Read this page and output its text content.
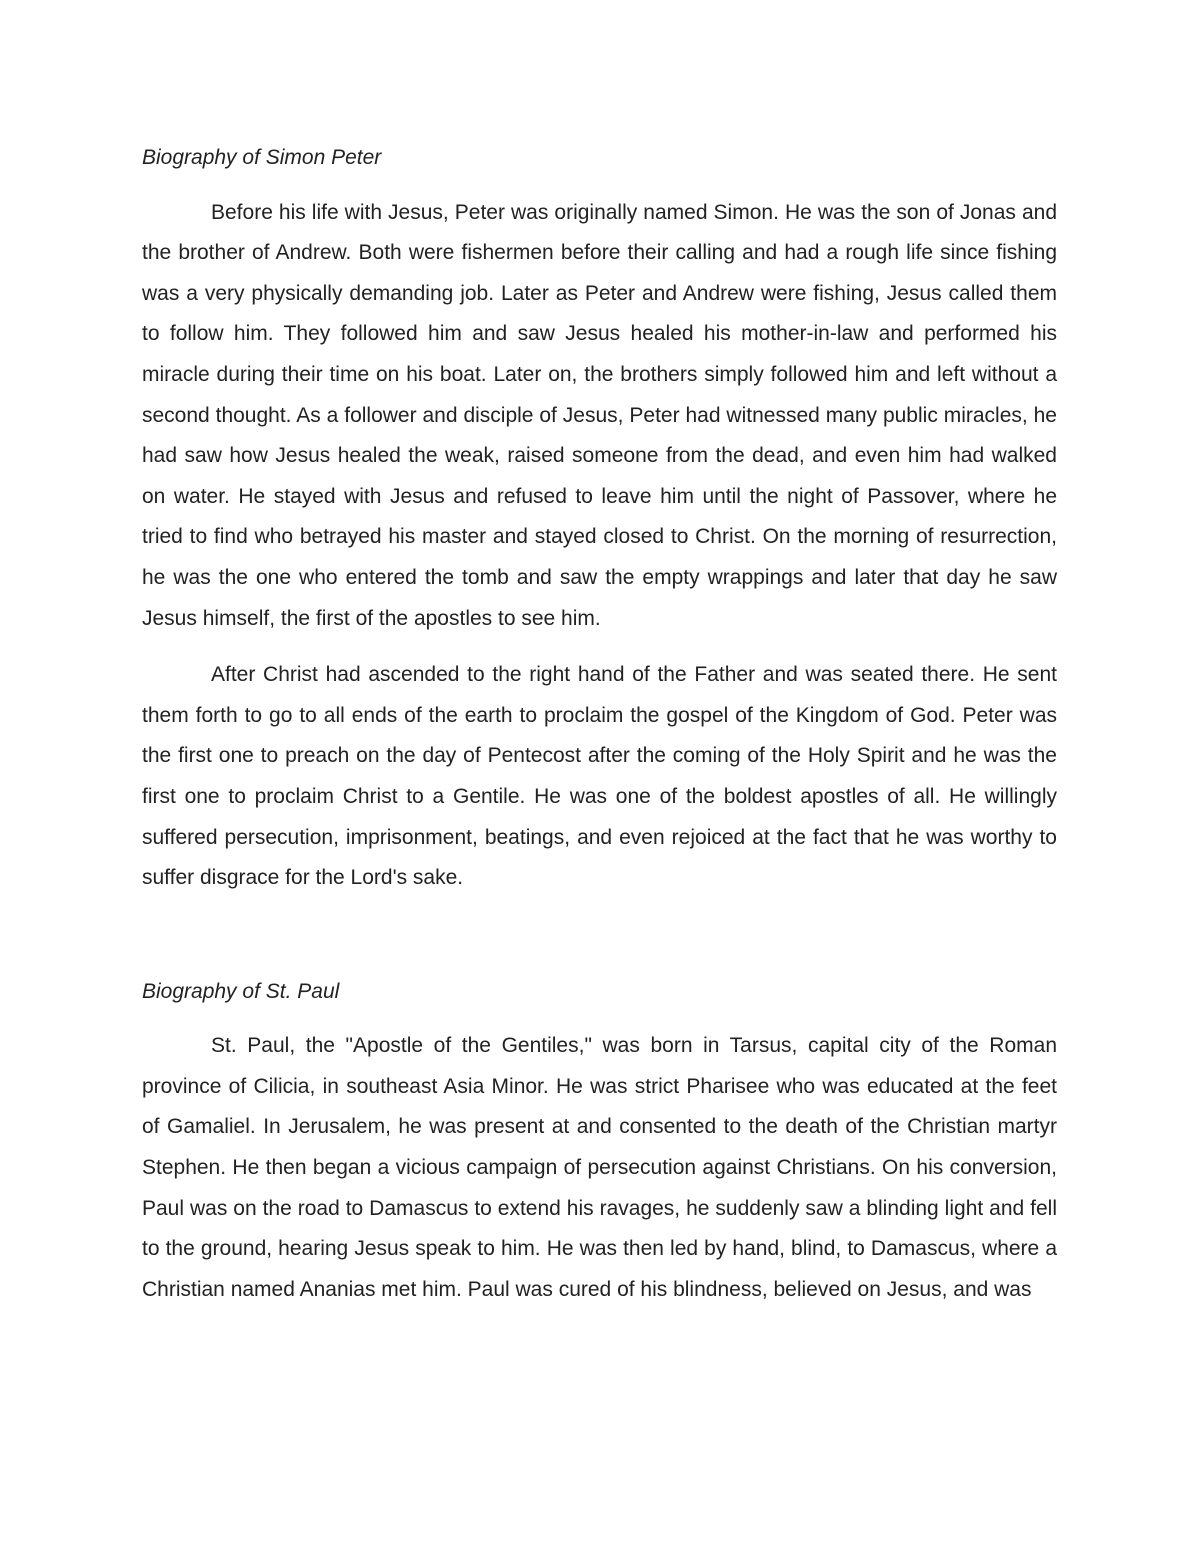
Biography of Simon Peter

Before his life with Jesus, Peter was originally named Simon. He was the son of Jonas and the brother of Andrew. Both were fishermen before their calling and had a rough life since fishing was a very physically demanding job. Later as Peter and Andrew were fishing, Jesus called them to follow him. They followed him and saw Jesus healed his mother-in-law and performed his miracle during their time on his boat. Later on, the brothers simply followed him and left without a second thought. As a follower and disciple of Jesus, Peter had witnessed many public miracles, he had saw how Jesus healed the weak, raised someone from the dead, and even him had walked on water. He stayed with Jesus and refused to leave him until the night of Passover, where he tried to find who betrayed his master and stayed closed to Christ. On the morning of resurrection, he was the one who entered the tomb and saw the empty wrappings and later that day he saw Jesus himself, the first of the apostles to see him.

After Christ had ascended to the right hand of the Father and was seated there. He sent them forth to go to all ends of the earth to proclaim the gospel of the Kingdom of God. Peter was the first one to preach on the day of Pentecost after the coming of the Holy Spirit and he was the first one to proclaim Christ to a Gentile. He was one of the boldest apostles of all. He willingly suffered persecution, imprisonment, beatings, and even rejoiced at the fact that he was worthy to suffer disgrace for the Lord's sake.

Biography of St. Paul

St. Paul, the "Apostle of the Gentiles," was born in Tarsus, capital city of the Roman province of Cilicia, in southeast Asia Minor. He was strict Pharisee who was educated at the feet of Gamaliel. In Jerusalem, he was present at and consented to the death of the Christian martyr Stephen. He then began a vicious campaign of persecution against Christians. On his conversion, Paul was on the road to Damascus to extend his ravages, he suddenly saw a blinding light and fell to the ground, hearing Jesus speak to him. He was then led by hand, blind, to Damascus, where a Christian named Ananias met him. Paul was cured of his blindness, believed on Jesus, and was
